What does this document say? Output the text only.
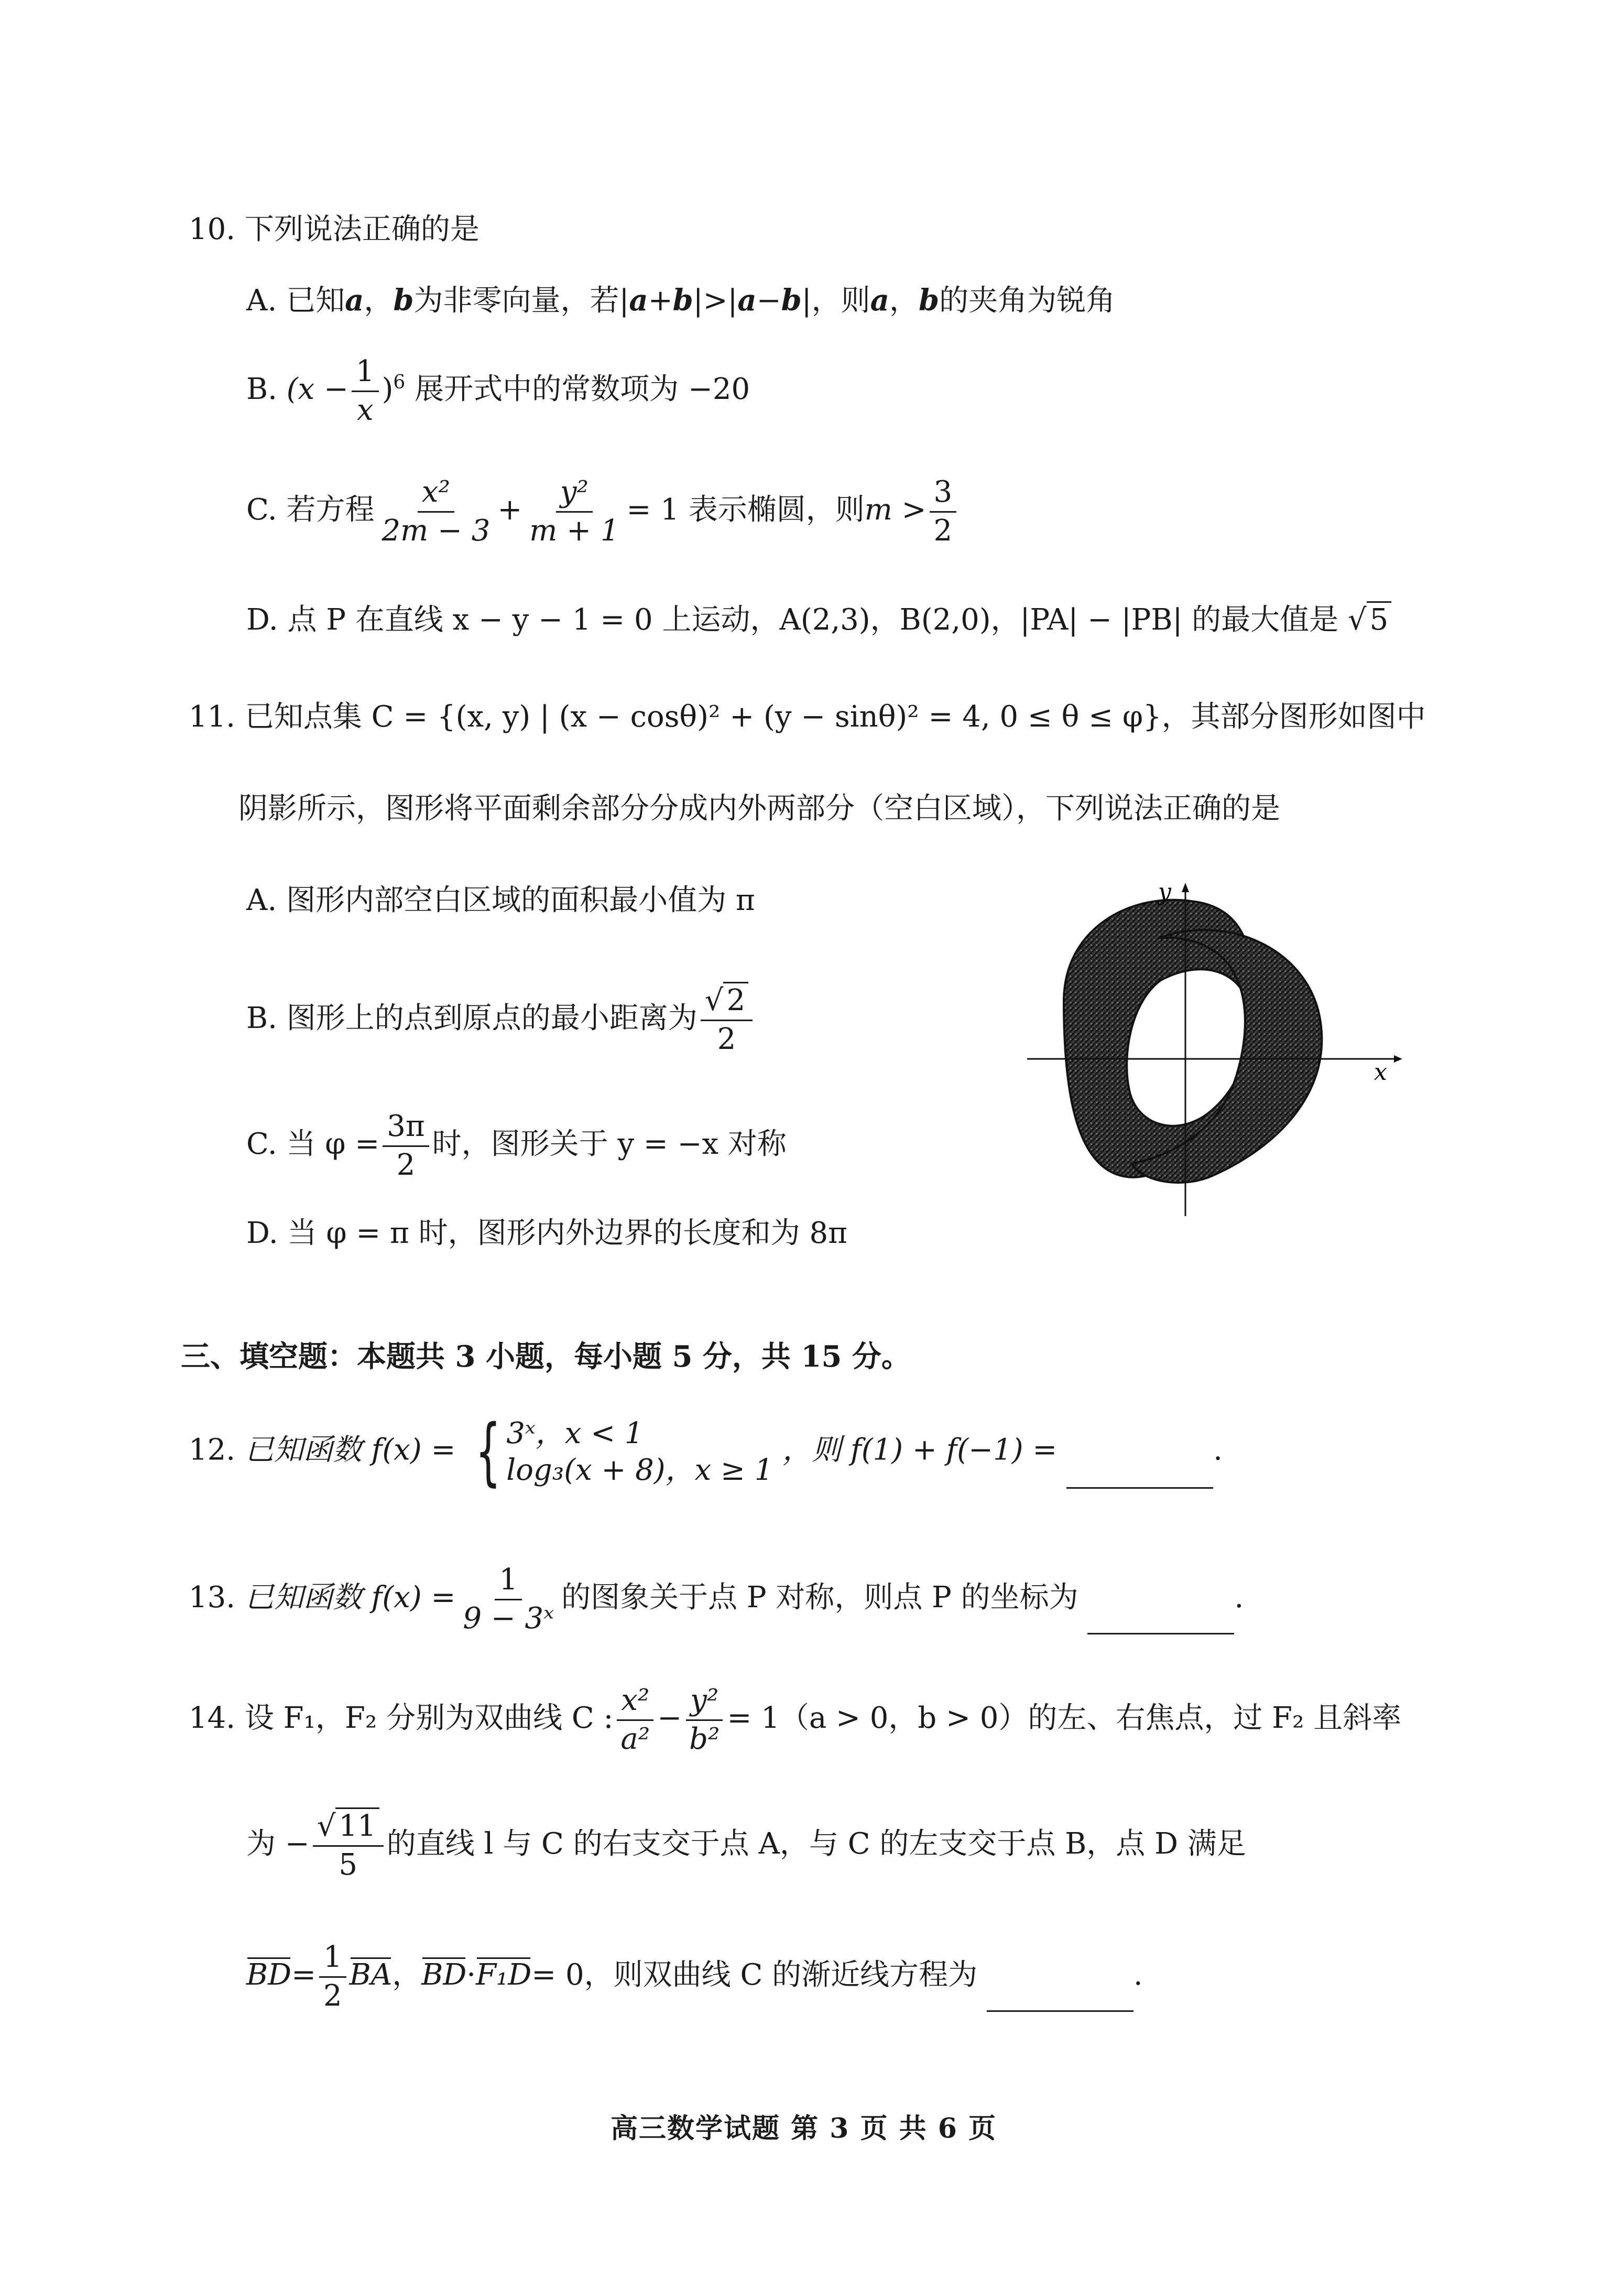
10. 下列说法正确的是
A. 已知a，b为非零向量，若|a+b|>|a−b|，则a，b的夹角为锐角
B. $(x - \frac{1}{x} )^6$ 展开式中的常数项为 −20
C. 若方程 $\frac{\text{x²}}{2m - 3} + \frac{\text{y²}}{m + 1} = 1$ 表示椭圆，则$m > \frac{3}{2}$
D. 点 P 在直线 x − y − 1 = 0 上运动，A(2,3)，B(2,0)，|PA| − |PB| 的最大值是 √ 5
11. 已知点集 C = {(x, y) | (x − cosθ)² + (y − sinθ)² = 4, 0 ≤ θ ≤ φ}，其部分图形如图中
阴影所示，图形将平面剩余部分分成内外两部分（空白区域），下列说法正确的是
A. 图形内部空白区域的面积最小值为 π
B. 图形上的点到原点的最小距离为 $\frac{√ 2}{2}$
C. 当 $\varphi = \frac{3\pi}{2}$ 时，图形关于 y = −x 对称
D. 当 φ = π 时，图形内外边界的长度和为 8π
x
y
三、填空题：本题共 3 小题，每小题 5 分，共 15 分。
12. 已知函数 f(x) = { 3ˣ，x < 1
log₃(x + 8)，x ≥ 1
，则 f(1) + f(−1) =	.
13. 已知函数 $f(x) = \frac{1}{\text{9 − 3ˣ}}$ 的图象关于点 P 对称，则点 P 的坐标为	.
14. 设 F₁，F₂ 分别为双曲线 C : $\frac{\text{x²}}{\text{a²}} - \frac{\text{y²}}{\text{b²}} = 1(a > 0$，b > 0）的左、右焦点，过 F₂ 且斜率
为 − $\frac{√ 11}{5}$ 的直线 l 与 C 的右支交于点 A，与 C 的左支交于点 B，点 D 满足
$BD= \frac{1}{2}$ BA，BD·F₁D= 0，则双曲线 C 的渐近线方程为	.
高三数学试题 第 3 页 共 6 页
